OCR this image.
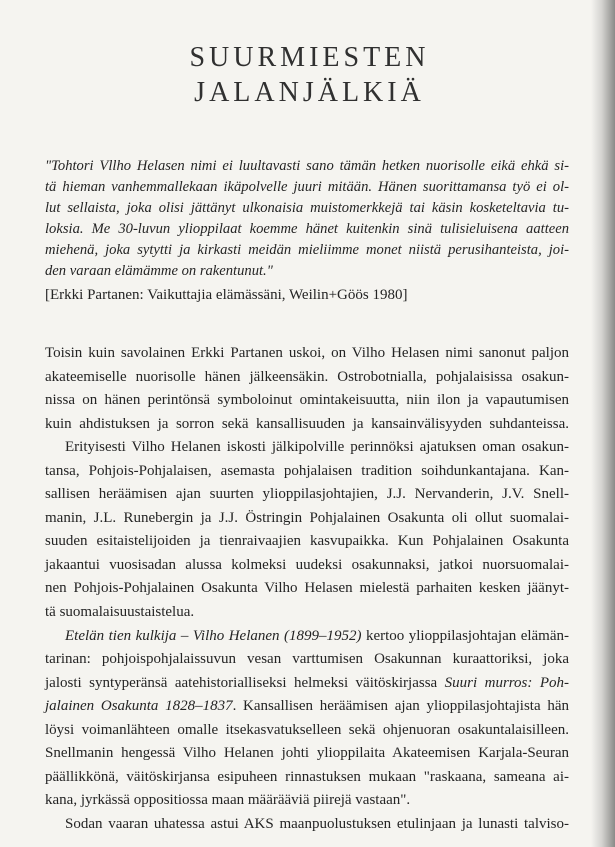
SUURMIESTEN
JALANJÄLKIÄ
"Tohtori Vllho Helasen nimi ei luultavasti sano tämän hetken nuorisolle eikä ehkä si-
tä hieman vanhemmallekaan ikäpolvelle juuri mitään. Hänen suorittamansa työ ei ol-
lut sellaista, joka olisi jättänyt ulkonaisia muistomerkkejä tai käsin kosketeltavia tu-
loksia. Me 30-luvun ylioppilaat koemme hänet kuitenkin sinä tulisieluisena aatteen
miehenä, joka sytytti ja kirkasti meidän mieliimme monet niistä perusihanteista, joi-
den varaan elämämme on rakentunut."
[Erkki Partanen: Vaikuttajia elämässäni, Weilin+Göös 1980]
Toisin kuin savolainen Erkki Partanen uskoi, on Vilho Helasen nimi sanonut paljon
akateemiselle nuorisolle hänen jälkeensäkin. Ostrobotnialla, pohjalaisissa osakun-
nissa on hänen perintönsä symboloinut omintakeisuutta, niin ilon ja vapautumisen
kuin ahdistuksen ja sorron sekä kansallisuuden ja kansainvälisyyden suhdanteissa.
Erityisesti Vilho Helanen iskosti jälkipolville perinnöksi ajatuksen oman osakun-
tansa, Pohjois-Pohjalaisen, asemasta pohjalaisen tradition soihdunkantajana. Kan-
sallisen heräämisen ajan suurten ylioppilasjohtajien, J.J. Nervanderin, J.V. Snell-
manin, J.L. Runebergin ja J.J. Östringin Pohjalainen Osakunta oli ollut suomalai-
suuden esitaistelijoiden ja tienraivaajien kasvupaikka. Kun Pohjalainen Osakunta
jakaantui vuosisadan alussa kolmeksi uudeksi osakunnaksi, jatkoi nuorsuomalai-
nen Pohjois-Pohjalainen Osakunta Vilho Helasen mielestä parhaiten kesken jäänyt-
tä suomalaisuustaistelua.
Etelän tien kulkija – Vilho Helanen (1899–1952) kertoo ylioppilasjohtajan elämän-
tarinan: pohjoispohjalaissuvun vesan varttumisen Osakunnan kuraattoriksi, joka
jalosti syntyperänsä aatehistorialliseksi helmeksi väitöskirjassa Suuri murros: Poh-
jalainen Osakunta 1828–1837. Kansallisen heräämisen ajan ylioppilasjohtajista hän
löysi voimanlähteen omalle itsekasvatukselleen sekä ohjenuoran osakuntalaisilleen.
Snellmanin hengessä Vilho Helanen johti ylioppilaita Akateemisen Karjala-Seuran
päällikkönä, väitöskirjansa esipuheen rinnastuksen mukaan "raskaana, sameana ai-
kana, jyrkässä oppositiossa maan määrääviä piirejä vastaan".
Sodan vaaran uhatessa astui AKS maanpuolustuksen etulinjaan ja lunasti talviso-
